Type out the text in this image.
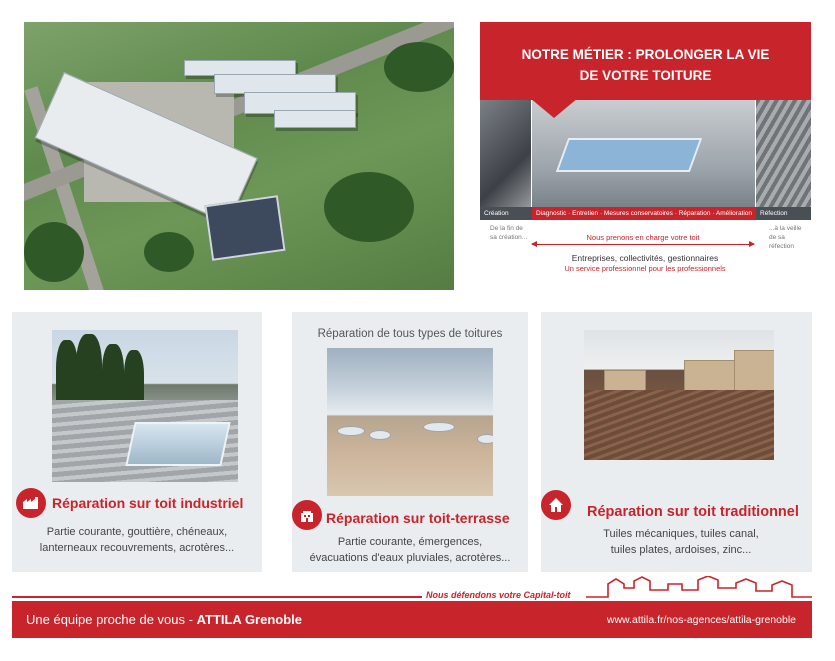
NOTRE MÉTIER : PROLONGER LA VIE
DE VOTRE TOITURE
Création	Diagnostic · Entretien · Mesures conservatoires · Réparation · Amélioration	Réfection
De la fin de sa création...
...à la veille de sa réfection
Nous prenons en charge votre toit
Entreprises, collectivités, gestionnaires
Un service professionnel pour les professionnels
Réparation sur toit industriel
Partie courante, gouttière, chéneaux,
lanterneaux recouvrements, acrotères...
Réparation de tous types de toitures
Réparation sur toit-terrasse
Partie courante, émergences,
évacuations d'eaux pluviales, acrotères...
Réparation sur toit traditionnel
Tuiles mécaniques, tuiles canal,
tuiles plates, ardoises, zinc...
Nous défendons votre Capital-toit
Une équipe proche de vous - ATTILA Grenoble	www.attila.fr/nos-agences/attila-grenoble
